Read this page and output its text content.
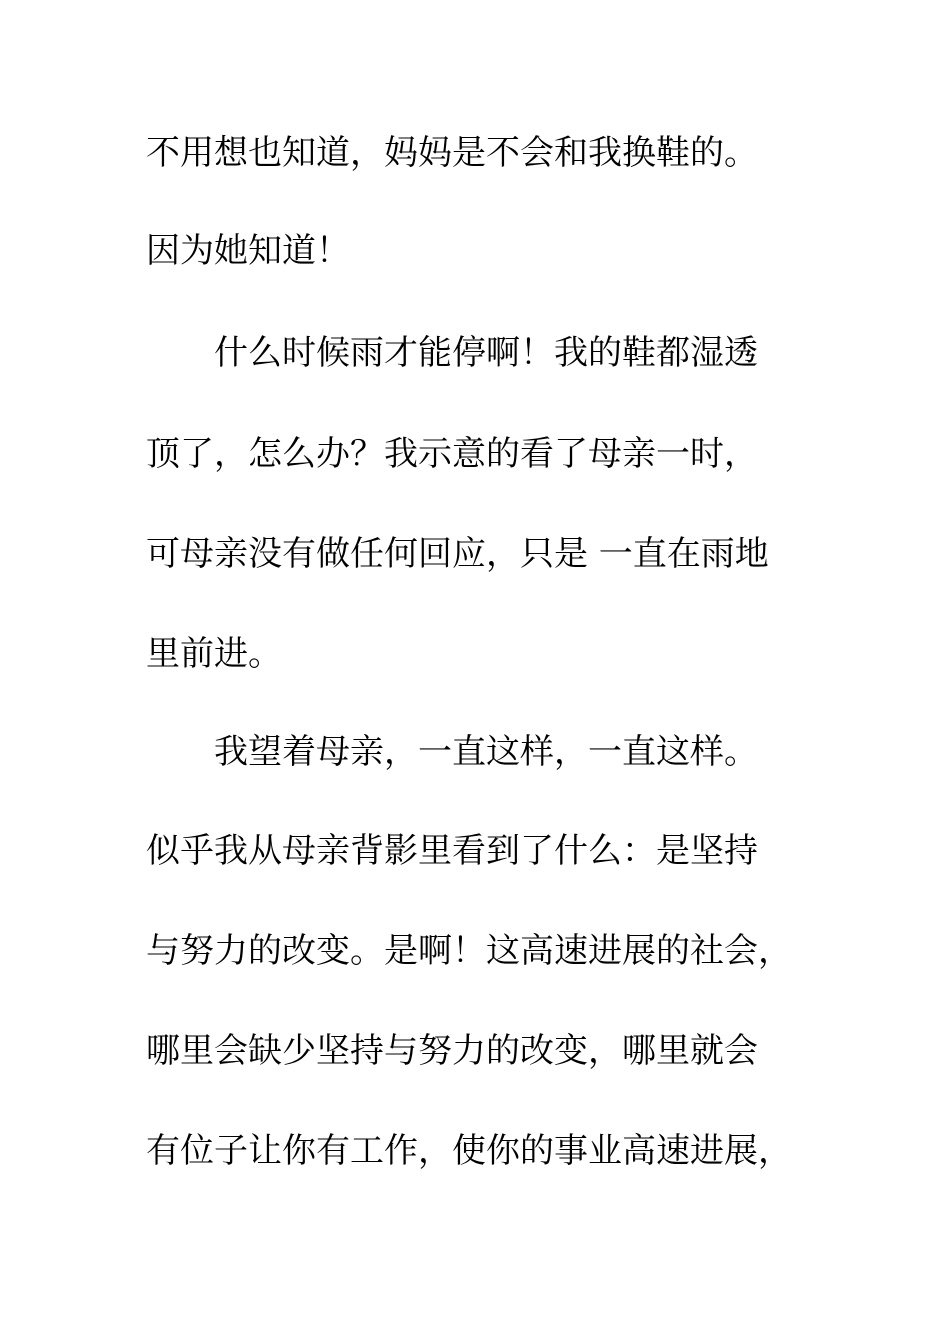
不用想也知道，妈妈是不会和我换鞋的。

因为她知道！

什么时候雨才能停啊！我的鞋都湿透

顶了，怎么办？我示意的看了母亲一时，

可母亲没有做任何回应，只是 一直在雨地

里前进。

我望着母亲，一直这样，一直这样。

似乎我从母亲背影里看到了什么：是坚持

与努力的改变。是啊！这高速进展的社会，

哪里会缺少坚持与努力的改变，哪里就会

有位子让你有工作，使你的事业高速进展，
